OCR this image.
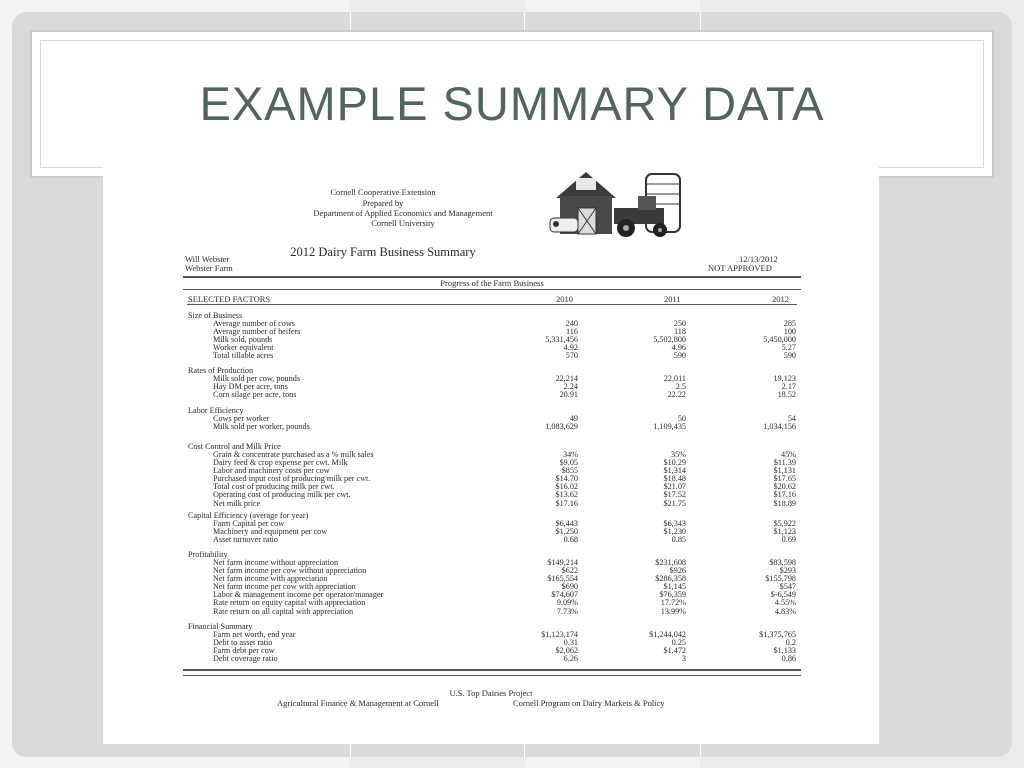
EXAMPLE SUMMARY DATA
Cornell Cooperative Extension
Prepared by
Department of Applied Economics and Management
Cornell University
2012 Dairy Farm Business Summary
Will Webster
Webster Farm
12/13/2012
NOT APPROVED
Progress of the Farm Business
SELECTED FACTORS	2010	2011	2012
Size of Business
Average number of cows	240	250	285
Average number of heifers	116	118	100
Milk sold, pounds	5,331,456	5,502,800	5,450,000
Worker equivalent	4.92	4.96	5.27
Total tillable acres	570	590	590
Rates of Production
Milk sold per cow, pounds	22,214	22,011	19,123
Hay DM per acre, tons	2.24	2.5	2.17
Corn silage per acre, tons	20.91	22.22	18.52
Labor Efficiency
Cows per worker	49	50	54
Milk sold per worker, pounds	1,083,629	1,109,435	1,034,156
Cost Control and Milk Price
Grain & concentrate purchased as a % milk sales	34%	35%	45%
Dairy feed & crop expense per cwt. Milk	$9.05	$10.29	$11.39
Labor and machinery costs per cow	$855	$1,314	$1,131
Purchased input cost of producing milk per cwt.	$14.70	$18.48	$17.65
Total cost of producing milk per cwt.	$16.02	$21.07	$20.62
Operating cost of producing milk per cwt.	$13.62	$17.52	$17.16
Net milk price	$17.16	$21.75	$18.89
Capital Efficiency (average for year)
Farm Capital per cow	$6,443	$6,343	$5,922
Machinery and equipment per cow	$1,250	$1,230	$1,123
Asset turnover ratio	0.68	0.85	0.69
Profitability
Net farm income without appreciation	$149,214	$231,608	$83,598
Net farm income per cow without appreciation	$622	$926	$293
Net farm income with appreciation	$165,554	$286,358	$155,798
Net farm income per cow with appreciation	$690	$1,145	$547
Labor & management income per operator/manager	$74,607	$76,359	$-6,549
Rate return on equity capital with appreciation	9.09%	17.72%	4.55%
Rate return on all capital with appreciation	7.73%	13.99%	4.83%
Financial Summary
Farm net worth, end year	$1,123,174	$1,244,042	$1,375,765
Debt to asset ratio	0.31	0.25	0.2
Farm debt per cow	$2,062	$1,472	$1,133
Debt coverage ratio	6.26	3	0.86
U.S. Top Dairies Project
Agricultural Finance & Management at Cornell	Cornell Program on Dairy Markets & Policy
